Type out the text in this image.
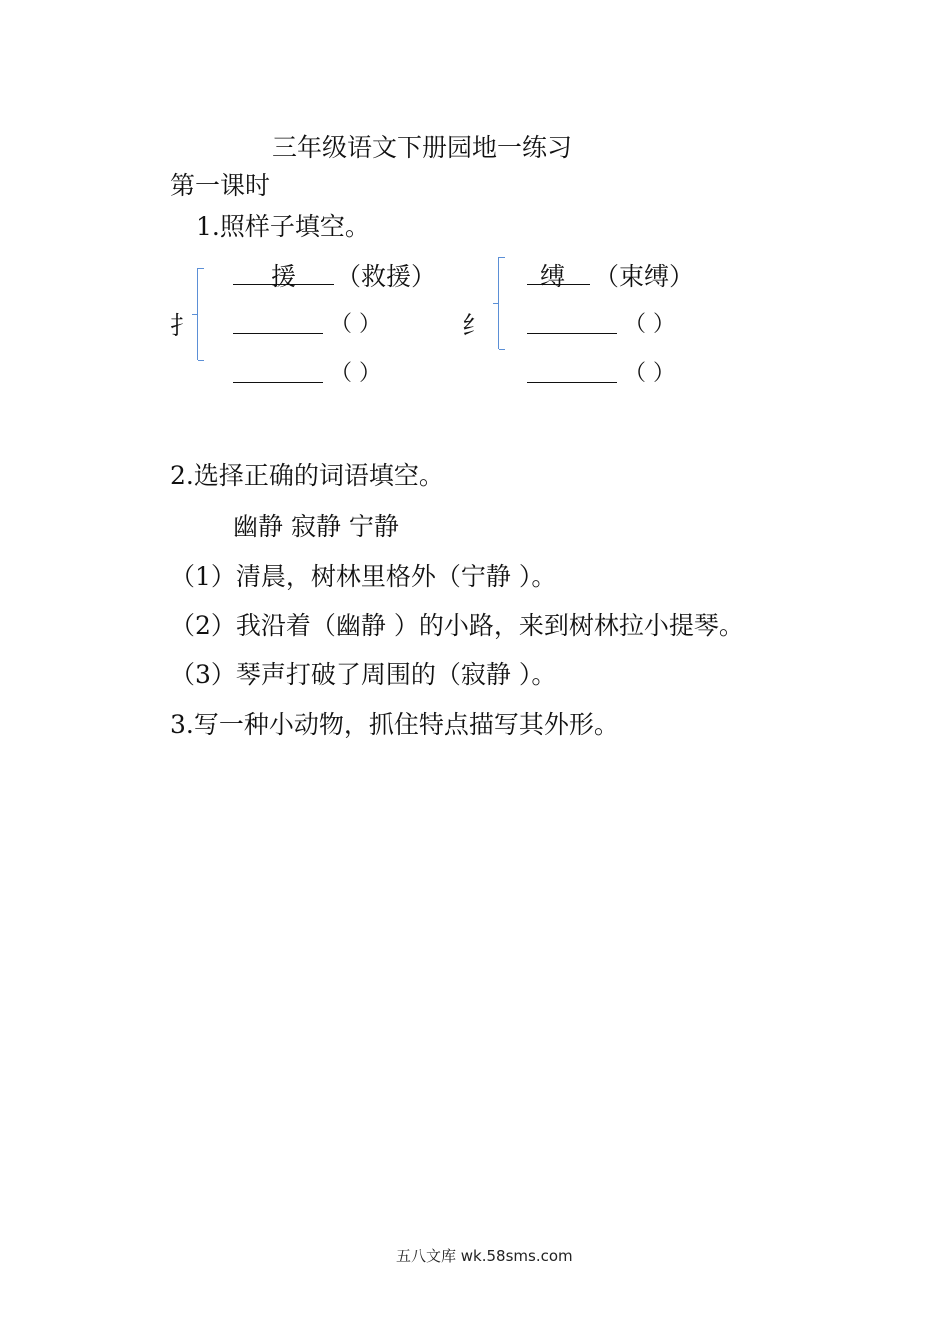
三年级语文下册园地一练习
第一课时
1.照样子填空。
扌
援 （救援）
（ ）
（ ）
纟
缚 （束缚）
（ ）
（ ）
2.选择正确的词语填空。
幽静 寂静 宁静
（1）清晨，树林里格外（宁静 ）。
（2）我沿着（幽静 ）的小路，来到树林拉小提琴。
（3）琴声打破了周围的（寂静 ）。
3.写一种小动物，抓住特点描写其外形。
五八文库 wk.58sms.com
